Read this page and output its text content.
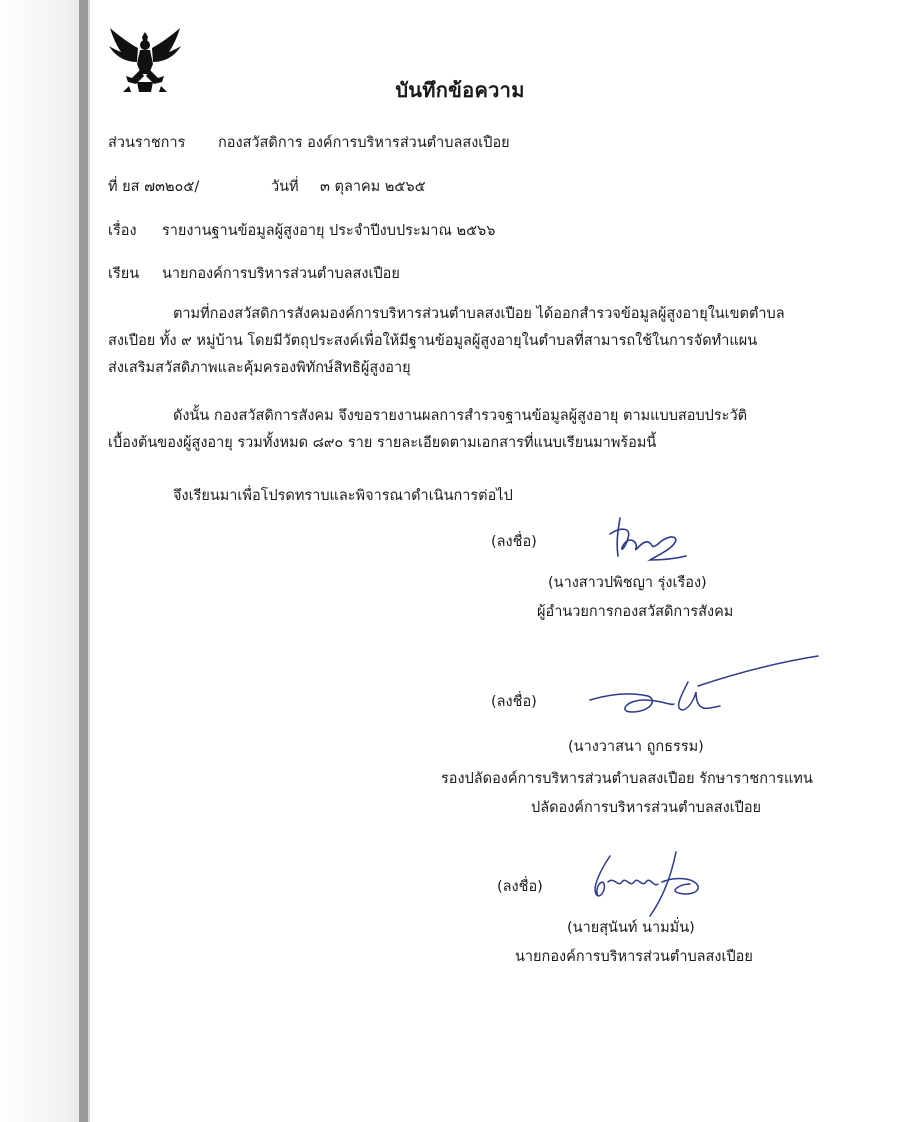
บันทึกข้อความ
ส่วนราชการ กองสวัสดิการ องค์การบริหารส่วนตำบลสงเปือย
ที่ ยส ๗๓๒๐๕/	วันที่ ๓ ตุลาคม ๒๕๖๕
เรื่อง รายงานฐานข้อมูลผู้สูงอายุ ประจำปีงบประมาณ ๒๕๖๖
เรียน นายกองค์การบริหารส่วนตำบลสงเปือย
ตามที่กองสวัสดิการสังคมองค์การบริหารส่วนตำบลสงเปือย ได้ออกสำรวจข้อมูลผู้สูงอายุในเขตตำบล
สงเปือย ทั้ง ๙ หมู่บ้าน โดยมีวัตถุประสงค์เพื่อให้มีฐานข้อมูลผู้สูงอายุในตำบลที่สามารถใช้ในการจัดทำแผน
ส่งเสริมสวัสดิภาพและคุ้มครองพิทักษ์สิทธิผู้สูงอายุ
ดังนั้น กองสวัสดิการสังคม จึงขอรายงานผลการสำรวจฐานข้อมูลผู้สูงอายุ ตามแบบสอบประวัติ
เบื้องต้นของผู้สูงอายุ รวมทั้งหมด ๘๙๐ ราย รายละเอียดตามเอกสารที่แนบเรียนมาพร้อมนี้
จึงเรียนมาเพื่อโปรดทราบและพิจารณาดำเนินการต่อไป
(ลงชื่อ)
(นางสาวปพิชญา รุ่งเรือง)
ผู้อำนวยการกองสวัสดิการสังคม
(ลงชื่อ)
(นางวาสนา ถูกธรรม)
รองปลัดองค์การบริหารส่วนตำบลสงเปือย รักษาราชการแทน
ปลัดองค์การบริหารส่วนตำบลสงเปือย
(ลงชื่อ)
(นายสุนันท์ นามมั่น)
นายกองค์การบริหารส่วนตำบลสงเปือย
